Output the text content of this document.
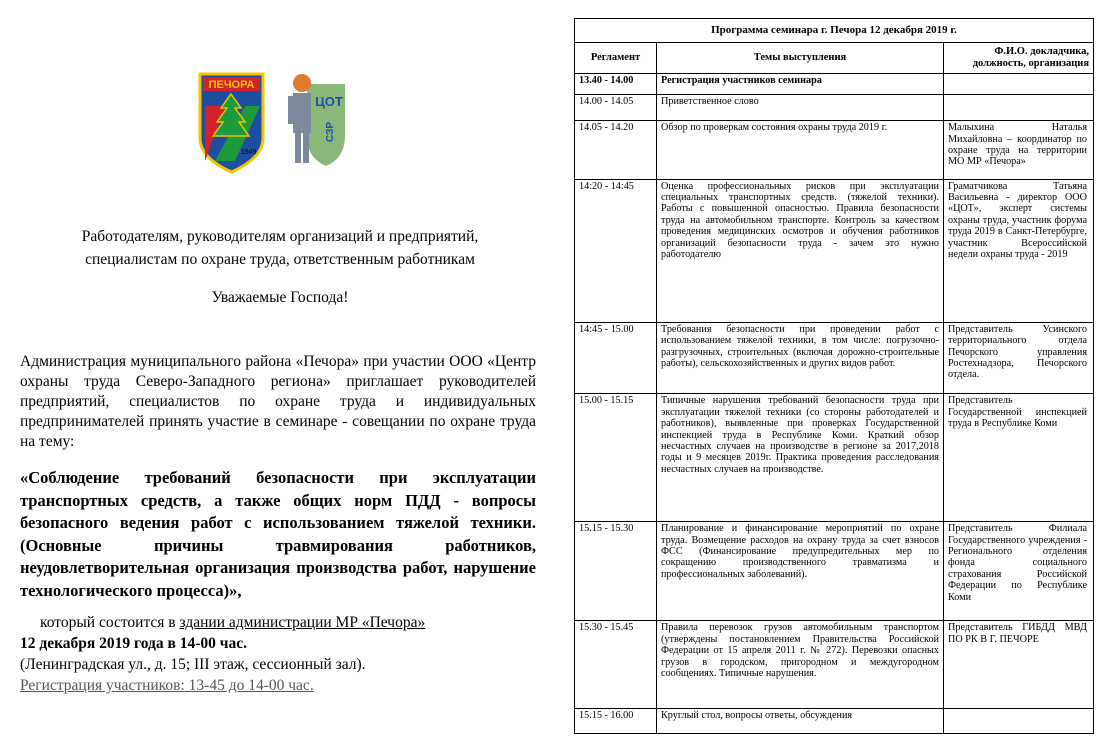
ПЕЧОРА
1949
ЦОТ
СЗР
Работодателям, руководителям организаций и предприятий,
специалистам по охране труда, ответственным работникам
Уважаемые Господа!

Администрация муниципального района «Печора» при участии ООО «Центр охраны труда Северо-Западного региона» приглашает руководителей предприятий, специалистов по охране труда и индивидуальных предпринимателей принять участие в семинаре - совещании по охране труда на тему:

«Соблюдение требований безопасности при эксплуатации транспортных средств, а также общих норм ПДД - вопросы безопасного ведения работ с использованием тяжелой техники. (Основные причины травмирования работников, неудовлетворительная организация производства работ, нарушение технологического процесса)»,

который состоится в здании администрации МР «Печора»
12 декабря 2019 года в 14-00 час.
(Ленинградская ул., д. 15; III этаж, сессионный зал).
Регистрация участников: 13-45 до 14-00 час.
Программа семинара г. Печора 12 декабря 2019 г.		
Регламент	Темы выступления	Ф.И.О. докладчика, должность, организация
13.40 - 14.00	Регистрация участников семинара	
14.00 - 14.05	Приветственное слово	
14.05 - 14.20	Обзор по проверкам состояния охраны труда 2019 г.	Малыхина Наталья Михайловна – координатор по охране труда на территории МО МР «Печора»
14:20 - 14:45	Оценка профессиональных рисков при эксплуатации специальных транспортных средств. (тяжелой техники). Работы с повышенной опасностью. Правила безопасности труда на автомобильном транспорте. Контроль за качеством проведения медицинских осмотров и обучения работников организаций безопасности труда - зачем это нужно работодателю	Граматчикова Татьяна Васильевна - директор ООО «ЦОТ», эксперт системы охраны труда, участник форума труда 2019 в Санкт-Петербурге, участник Всероссийской недели охраны труда - 2019
14:45 - 15.00	Требования безопасности при проведении работ с использованием тяжелой техники, в том числе: погрузочно-разгрузочных, строительных (включая дорожно-строительные работы), сельскохозяйственных и других видов работ.	Представитель Усинского территориального отдела Печорского управления Ростехнадзора, Печорского отдела.
15.00 - 15.15	Типичные нарушения требований безопасности труда при эксплуатации тяжелой техники (со стороны работодателей и работников), выявленные при проверках Государственной инспекцией труда в Республике Коми. Краткий обзор несчастных случаев на производстве в регионе за 2017,2018 годы и 9 месяцев 2019г. Практика проведения расследования несчастных случаев на производстве.	Представитель Государственной инспекцией труда в Республике Коми
15.15 - 15.30	Планирование и финансирование мероприятий по охране труда. Возмещение расходов на охрану труда за счет взносов ФСС (Финансирование предупредительных мер по сокращению производственного травматизма и профессиональных заболеваний).	Представитель Филиала Государственного учреждения - Регионального отделения фонда социального страхования Российской Федерации по Республике Коми
15.30 - 15.45	Правила перевозок грузов автомобильным транспортом (утверждены постановлением Правительства Российской Федерации от 15 апреля 2011 г. № 272). Перевозки опасных грузов в городском, пригородном и междугородном сообщениях. Типичные нарушения.	Представитель ГИБДД МВД ПО РК В Г. ПЕЧОРЕ
15.15 - 16.00	Круглый стол, вопросы ответы, обсуждения	
